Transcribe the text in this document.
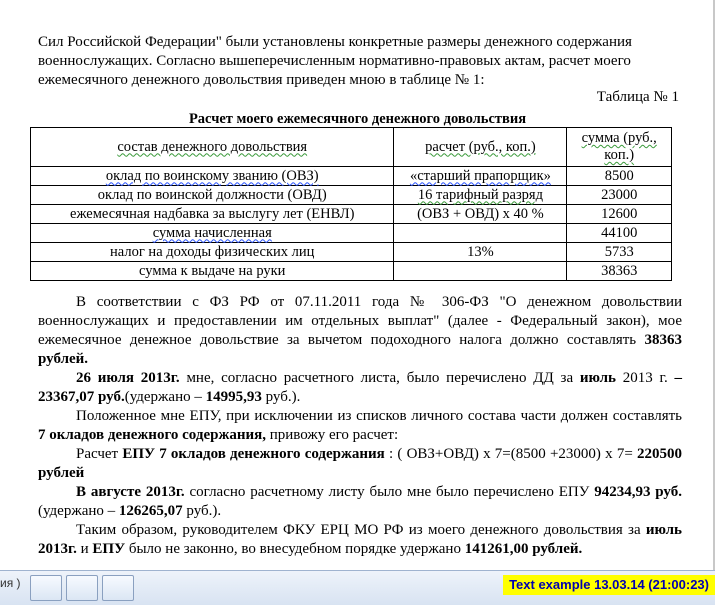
Сил Российской Федерации" были установлены конкретные размеры денежного содержания
военнослужащих. Согласно вышеперечисленным нормативно-правовых актам, расчет моего
ежемесячного денежного довольствия приведен мною в таблице № 1:
Таблица № 1
Расчет моего ежемесячного денежного довольствия
состав денежного довольствия	расчет (руб., коп.)	сумма (руб., коп.)
оклад по воинскому званию (ОВЗ)	«старший прапорщик»	8500
оклад по воинской должности (ОВД)	16 тарифный разряд	23000
ежемесячная надбавка за выслугу лет (ЕНВЛ)	(ОВЗ + ОВД) х 40 %	12600
сумма начисленная		44100
налог на доходы физических лиц	13%	5733
сумма к выдаче на руки		38363

В соответствии с ФЗ РФ от 07.11.2011 года № 306-ФЗ "О денежном довольствии военнослужащих и предоставлении им отдельных выплат" (далее - Федеральный закон), мое ежемесячное денежное довольствие за вычетом подоходного налога должно составлять 38363 рублей.

26 июля 2013г. мне, согласно расчетного листа, было перечислено ДД за июль 2013 г. – 23367,07 руб.(удержано – 14995,93 руб.).

Положенное мне ЕПУ, при исключении из списков личного состава части должен составлять 7 окладов денежного содержания, привожу его расчет:

Расчет ЕПУ 7 окладов денежного содержания : ( ОВЗ+ОВД) х 7=(8500 +23000) х 7= 220500 рублей

В августе 2013г. согласно расчетному листу было мне было перечислено ЕПУ 94234,93 руб. (удержано – 126265,07 руб.).

Таким образом, руководителем ФКУ ЕРЦ МО РФ из моего денежного довольствия за июль 2013г. и ЕПУ было не законно, во внесудебном порядке удержано 141261,00 рублей.

ия )	Text example 13.03.14 (21:00:23)
